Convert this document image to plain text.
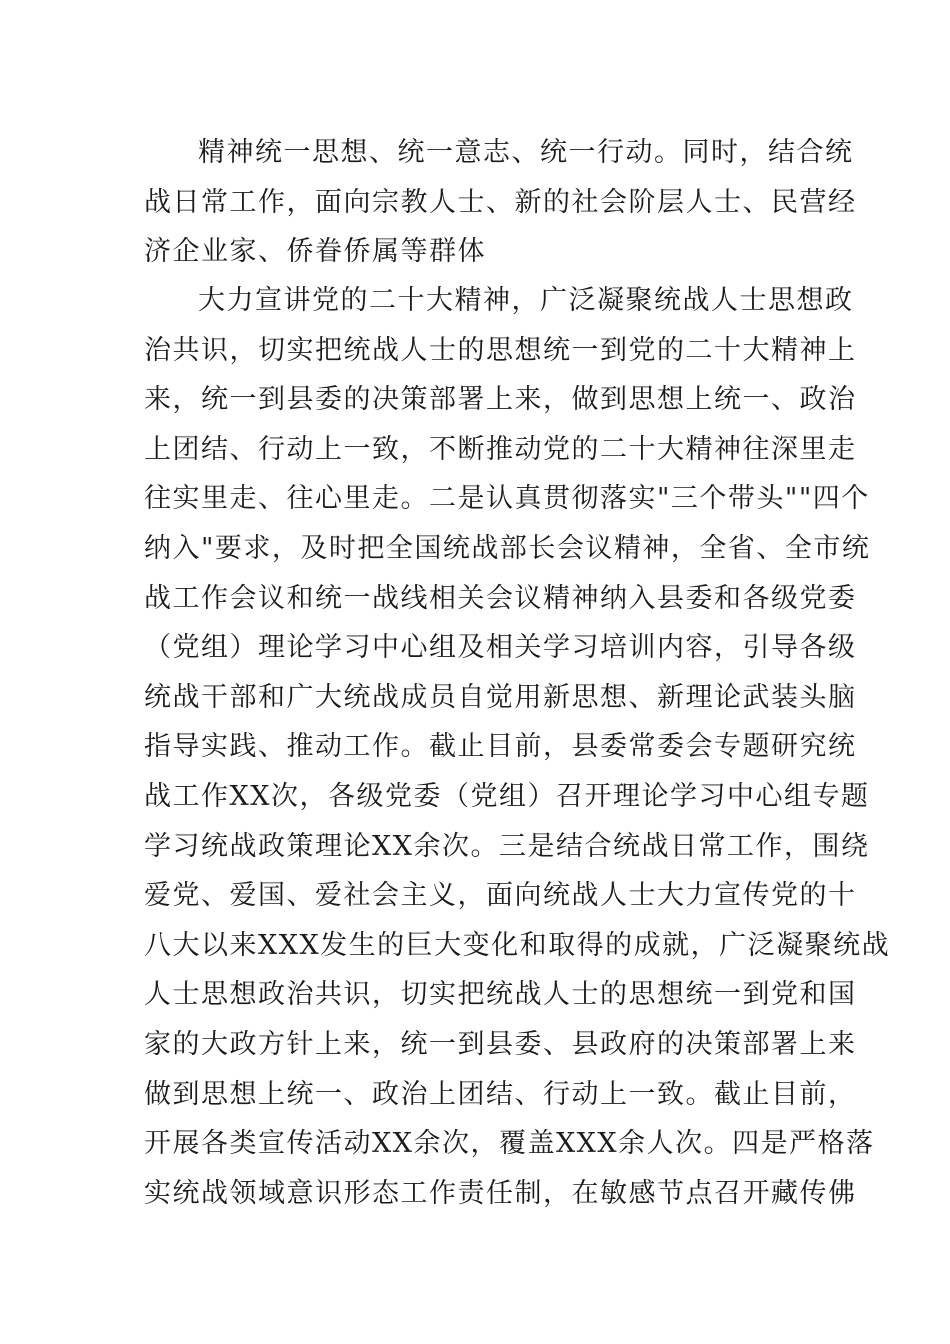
精神统一思想、统一意志、统一行动。同时，结合统
战日常工作，面向宗教人士、新的社会阶层人士、民营经
济企业家、侨眷侨属等群体
大力宣讲党的二十大精神，广泛凝聚统战人士思想政
治共识，切实把统战人士的思想统一到党的二十大精神上
来，统一到县委的决策部署上来，做到思想上统一、政治
上团结、行动上一致，不断推动党的二十大精神往深里走
往实里走、往心里走。二是认真贯彻落实"三个带头""四个
纳入"要求，及时把全国统战部长会议精神，全省、全市统
战工作会议和统一战线相关会议精神纳入县委和各级党委
（党组）理论学习中心组及相关学习培训内容，引导各级
统战干部和广大统战成员自觉用新思想、新理论武装头脑
指导实践、推动工作。截止目前，县委常委会专题研究统
战工作XX次，各级党委（党组）召开理论学习中心组专题
学习统战政策理论XX余次。三是结合统战日常工作，围绕
爱党、爱国、爱社会主义，面向统战人士大力宣传党的十
八大以来XXX发生的巨大变化和取得的成就，广泛凝聚统战
人士思想政治共识，切实把统战人士的思想统一到党和国
家的大政方针上来，统一到县委、县政府的决策部署上来
做到思想上统一、政治上团结、行动上一致。截止目前，
开展各类宣传活动XX余次，覆盖XXX余人次。四是严格落
实统战领域意识形态工作责任制，在敏感节点召开藏传佛
